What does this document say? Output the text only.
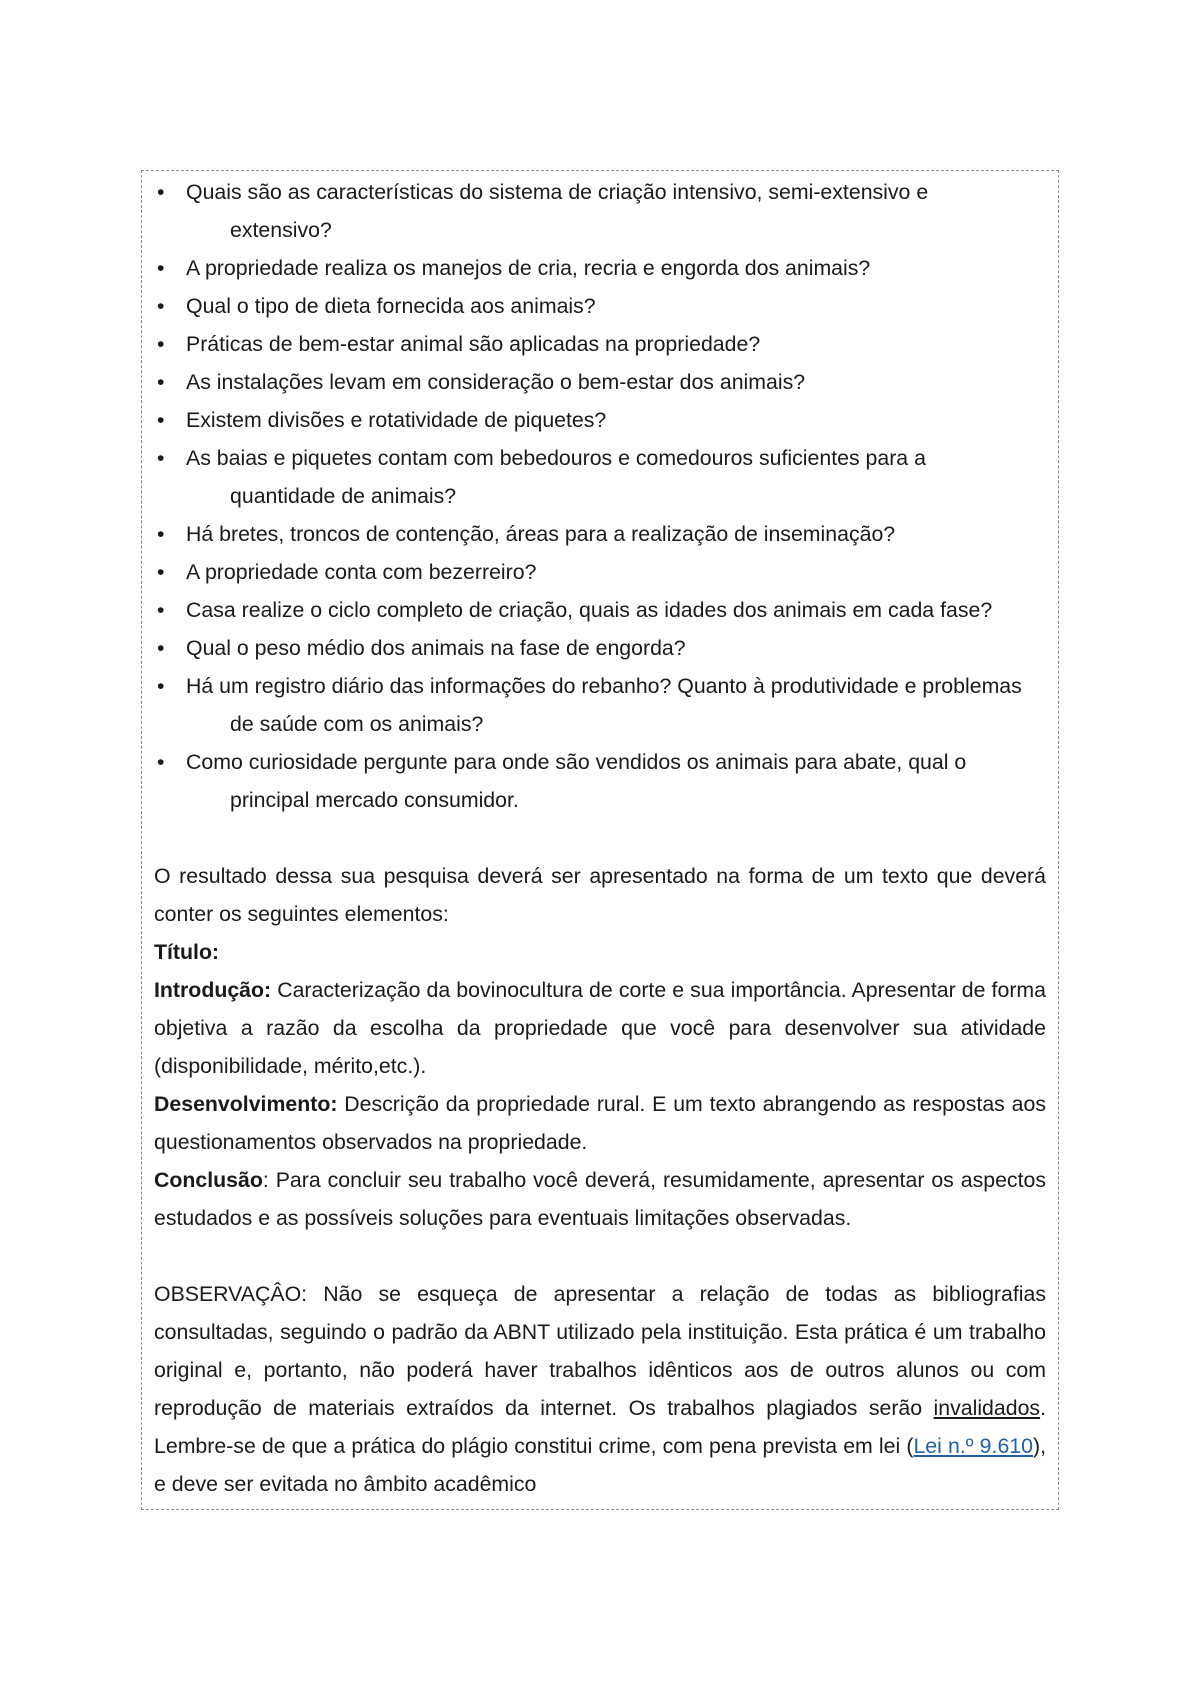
• Quais são as características do sistema de criação intensivo, semi-extensivo e
extensivo?
• A propriedade realiza os manejos de cria, recria e engorda dos animais?
• Qual o tipo de dieta fornecida aos animais?
• Práticas de bem-estar animal são aplicadas na propriedade?
• As instalações levam em consideração o bem-estar dos animais?
• Existem divisões e rotatividade de piquetes?
• As baias e piquetes contam com bebedouros e comedouros suficientes para a
quantidade de animais?
• Há bretes, troncos de contenção, áreas para a realização de inseminação?
• A propriedade conta com bezerreiro?
• Casa realize o ciclo completo de criação, quais as idades dos animais em cada fase?
• Qual o peso médio dos animais na fase de engorda?
• Há um registro diário das informações do rebanho? Quanto à produtividade e problemas
de saúde com os animais?
• Como curiosidade pergunte para onde são vendidos os animais para abate, qual o
principal mercado consumidor.

O resultado dessa sua pesquisa deverá ser apresentado na forma de um texto que deverá conter os seguintes elementos:

Título:

Introdução: Caracterização da bovinocultura de corte e sua importância. Apresentar de forma objetiva a razão da escolha da propriedade que você para desenvolver sua atividade (disponibilidade, mérito,etc.).

Desenvolvimento: Descrição da propriedade rural. E um texto abrangendo as respostas aos questionamentos observados na propriedade.

Conclusão: Para concluir seu trabalho você deverá, resumidamente, apresentar os aspectos estudados e as possíveis soluções para eventuais limitações observadas.

OBSERVAÇÂO: Não se esqueça de apresentar a relação de todas as bibliografias consultadas, seguindo o padrão da ABNT utilizado pela instituição. Esta prática é um trabalho original e, portanto, não poderá haver trabalhos idênticos aos de outros alunos ou com reprodução de materiais extraídos da internet. Os trabalhos plagiados serão invalidados. Lembre-se de que a prática do plágio constitui crime, com pena prevista em lei (Lei n.º 9.610), e deve ser evitada no âmbito acadêmico
